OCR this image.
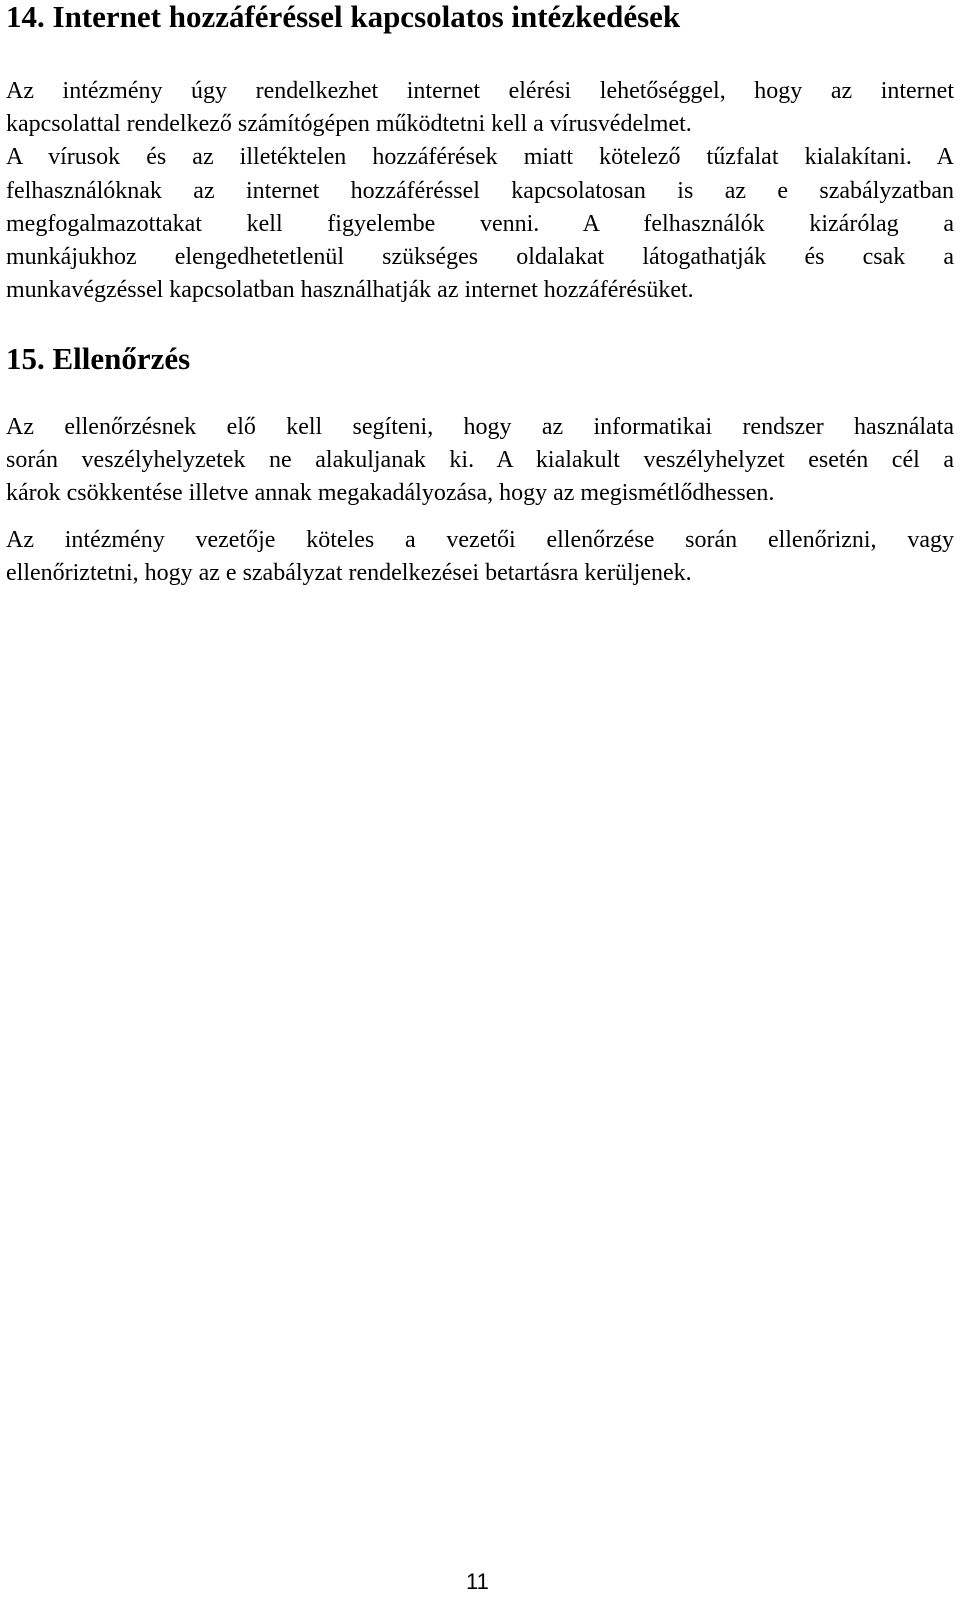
14. Internet hozzáféréssel kapcsolatos intézkedések

Az intézmény úgy rendelkezhet internet elérési lehetőséggel, hogy az internet
kapcsolattal rendelkező számítógépen működtetni kell a vírusvédelmet.
A vírusok és az illetéktelen hozzáférések miatt kötelező tűzfalat kialakítani. A
felhasználóknak az internet hozzáféréssel kapcsolatosan is az e szabályzatban
megfogalmazottakat kell figyelembe venni. A felhasználók kizárólag a
munkájukhoz elengedhetetlenül szükséges oldalakat látogathatják és csak a
munkavégzéssel kapcsolatban használhatják az internet hozzáférésüket.

15. Ellenőrzés

Az ellenőrzésnek elő kell segíteni, hogy az informatikai rendszer használata
során veszélyhelyzetek ne alakuljanak ki. A kialakult veszélyhelyzet esetén cél a
károk csökkentése illetve annak megakadályozása, hogy az megismétlődhessen.

Az intézmény vezetője köteles a vezetői ellenőrzése során ellenőrizni, vagy
ellenőriztetni, hogy az e szabályzat rendelkezései betartásra kerüljenek.

11
